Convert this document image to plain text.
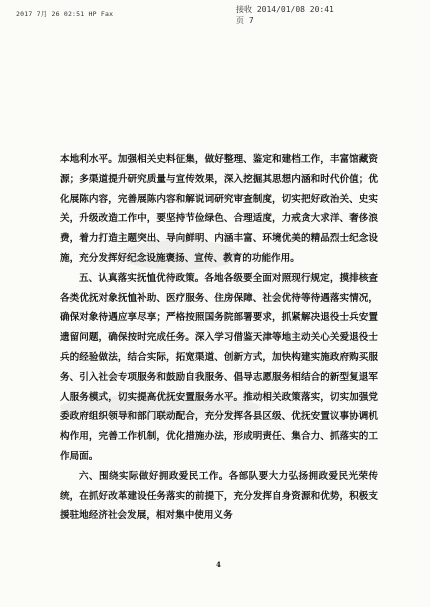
2017 7月 26 02:51 HP Fax	接收 2014/01/08 20:41
页 7

本地利水平。加强相关史料征集，做好整理、鉴定和建档工作，丰富馆藏资源；多渠道提升研究质量与宣传效果，深入挖掘其思想内涵和时代价值；优化展陈内容，完善展陈内容和解说词研究审查制度，切实把好政治关、史实关，升级改造工作中，要坚持节俭绿色、合理适度，力戒贪大求洋、奢侈浪费，着力打造主题突出、导向鲜明、内涵丰富、环境优美的精品烈士纪念设施，充分发挥好纪念设施褒扬、宣传、教育的功能作用。

五、认真落实抚恤优待政策。各地各级要全面对照现行规定，摸排核查各类优抚对象抚恤补助、医疗服务、住房保障、社会优待等待遇落实情况，确保对象待遇应享尽享；严格按照国务院部署要求，抓紧解决退役士兵安置遗留问题，确保按时完成任务。深入学习借鉴天津等地主动关心关爱退役士兵的经验做法，结合实际，拓宽渠道、创新方式，加快构建实施政府购买服务、引入社会专项服务和鼓励自我服务、倡导志愿服务相结合的新型复退军人服务模式，切实提高优抚安置服务水平。推动相关政策落实，切实加强党委政府组织领导和部门联动配合，充分发挥各县区级、优抚安置议事协调机构作用，完善工作机制，优化措施办法，形成明责任、集合力、抓落实的工作局面。

六、围绕实际做好拥政爱民工作。各部队要大力弘扬拥政爱民光荣传统，在抓好改革建设任务落实的前提下，充分发挥自身资源和优势，积极支援驻地经济社会发展，相对集中使用义务

4
